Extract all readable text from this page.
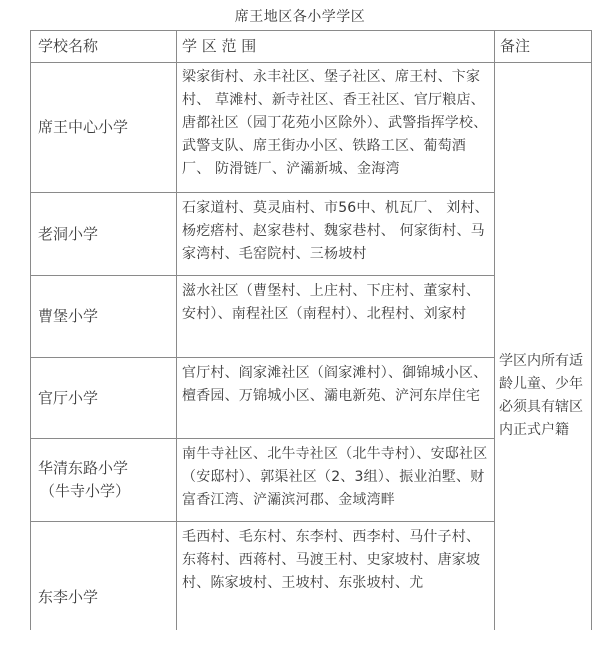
席王地区各小学学区
学校名称	学 区 范 围	备注
席王中心小学
梁家街村、永丰社区、堡子社区、席王村、卞家村、 草滩村、新寺社区、香王社区、官厅粮店、唐都社区（园丁花苑小区除外）、武警指挥学校、武警支队、席王街办小区、铁路工区、葡萄酒厂、 防滑链厂、浐灞新城、金海湾
老洞小学
石家道村、莫灵庙村、市56中、机瓦厂、 刘村、杨疙瘩村、赵家巷村、魏家巷村、 何家街村、马家湾村、毛窑院村、三杨坡村
曹堡小学
滋水社区（曹堡村、上庄村、下庄村、董家村、安村）、南程社区（南程村）、北程村、刘家村
官厅小学
官厅村、阎家滩社区（阎家滩村）、御锦城小区、檀香园、万锦城小区、灞电新苑、浐河东岸住宅
华清东路小学
（牛寺小学）
南牛寺社区、北牛寺社区（北牛寺村）、安邸社区（安邸村）、郭渠社区（2、3组）、振业泊墅、财富香江湾、浐灞滨河郡、金域湾畔
东李小学
毛西村、毛东村、东李村、西李村、马什子村、东蒋村、西蒋村、马渡王村、史家坡村、唐家坡村、陈家坡村、王坡村、东张坡村、尤
学区内所有适龄儿童、少年必须具有辖区内正式户籍
